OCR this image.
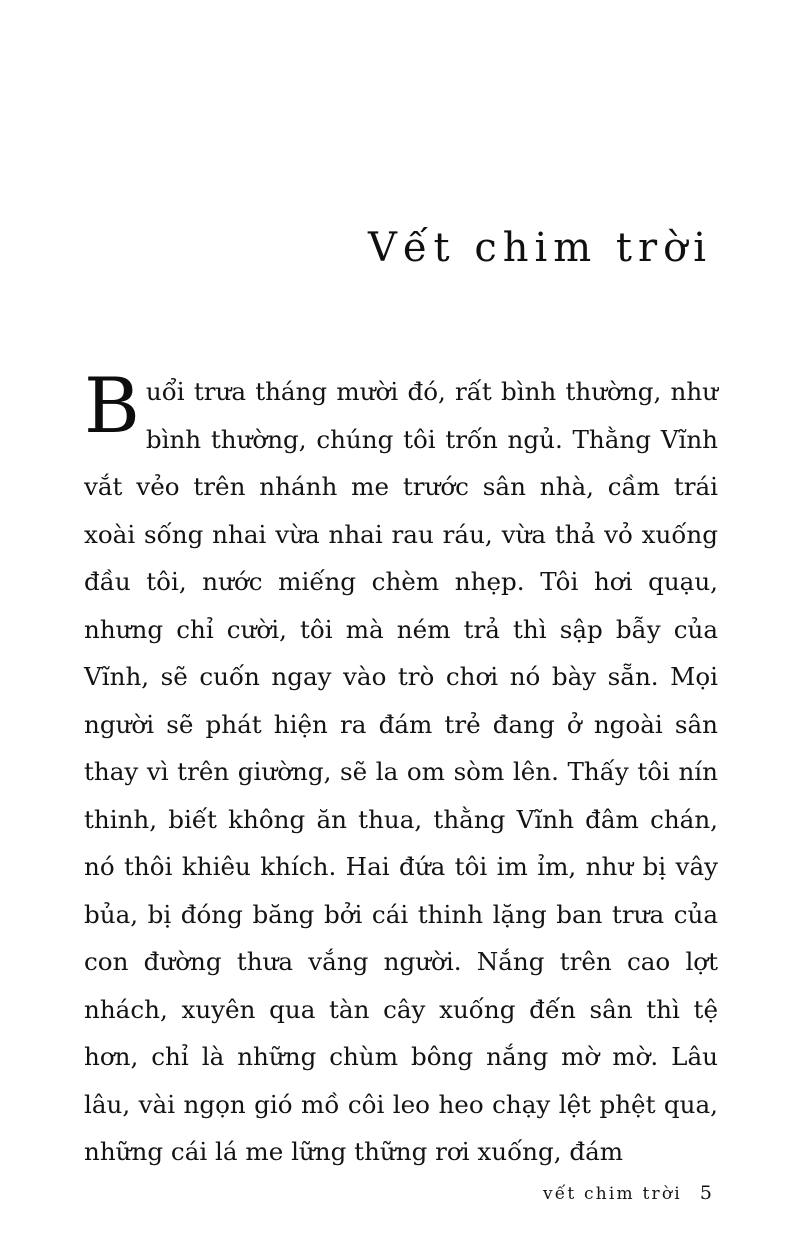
Vết chim trời

Buổi trưa tháng mười đó, rất bình thường, như bình thường, chúng tôi trốn ngủ. Thằng Vĩnh vắt vẻo trên nhánh me trước sân nhà, cầm trái xoài sống nhai vừa nhai rau ráu, vừa thả vỏ xuống đầu tôi, nước miếng chèm nhẹp. Tôi hơi quạu, nhưng chỉ cười, tôi mà ném trả thì sập bẫy của Vĩnh, sẽ cuốn ngay vào trò chơi nó bày sẵn. Mọi người sẽ phát hiện ra đám trẻ đang ở ngoài sân thay vì trên giường, sẽ la om sòm lên. Thấy tôi nín thinh, biết không ăn thua, thằng Vĩnh đâm chán, nó thôi khiêu khích. Hai đứa tôi im ỉm, như bị vây bủa, bị đóng băng bởi cái thinh lặng ban trưa của con đường thưa vắng người. Nắng trên cao lợt nhách, xuyên qua tàn cây xuống đến sân thì tệ hơn, chỉ là những chùm bông nắng mờ mờ. Lâu lâu, vài ngọn gió mồ côi leo heo chạy lệt phệt qua, những cái lá me lững thững rơi xuống, đám

vết chim trời 5
